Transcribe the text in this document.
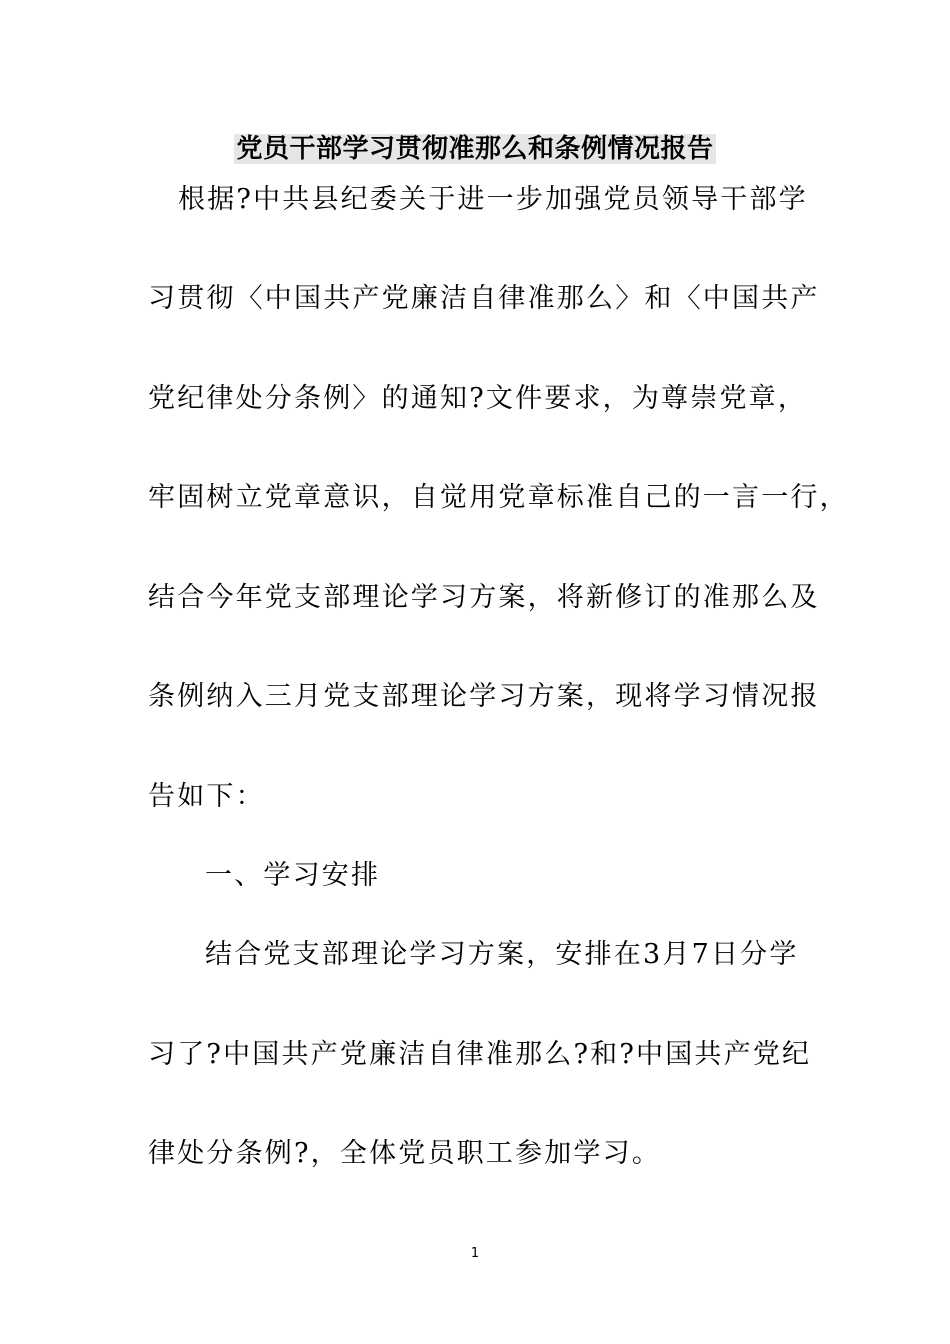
党员干部学习贯彻准那么和条例情况报告
根据?中共县纪委关于进一步加强党员领导干部学
习贯彻〈中国共产党廉洁自律准那么〉和〈中国共产
党纪律处分条例〉的通知?文件要求，为尊崇党章，
牢固树立党章意识，自觉用党章标准自己的一言一行，
结合今年党支部理论学习方案，将新修订的准那么及
条例纳入三月党支部理论学习方案，现将学习情况报
告如下：
一、学习安排
结合党支部理论学习方案，安排在3月7日分学
习了?中国共产党廉洁自律准那么?和?中国共产党纪
律处分条例?，全体党员职工参加学习。
1
